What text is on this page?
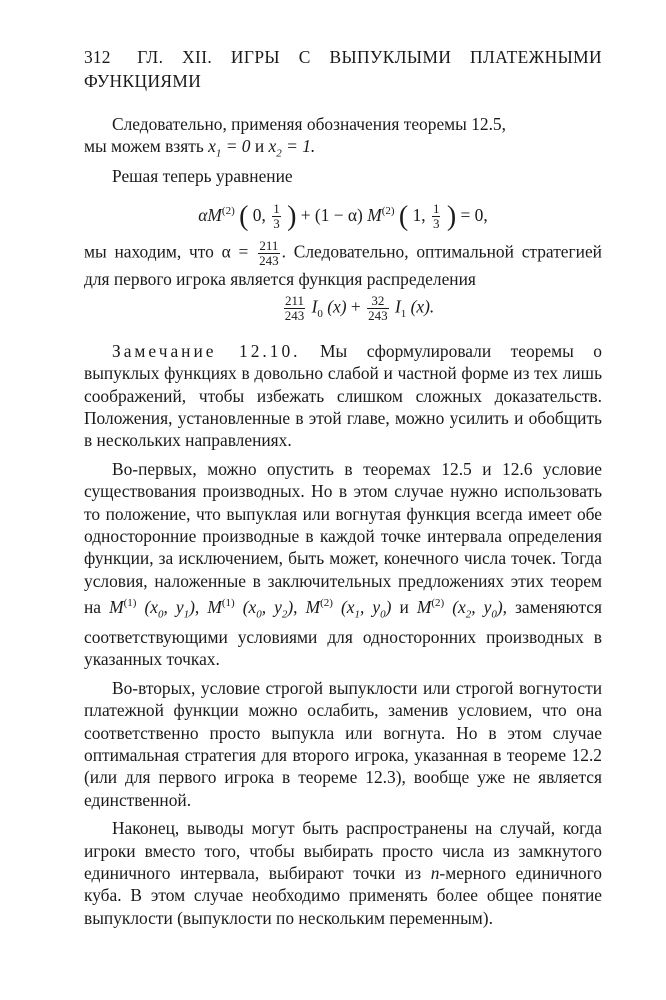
312 ГЛ. XII. ИГРЫ С ВЫПУКЛЫМИ ПЛАТЕЖНЫМИ ФУНКЦИЯМИ

Следовательно, применяя обозначения теоремы 12.5,
мы можем взять $x_1 = 0$ и $x_2 = 1$.

Решая теперь уравнение

$\alpha M^{(2)}$ ( 0, $\frac{1}{3}$ ) + (1 − α) $M^{(2)}$ ( 1, $\frac{1}{3}$ ) = 0,

мы находим, что $\alpha = \frac{211}{243}$ . Следовательно, оптимальной стратегией для первого игрока является функция распределения

$\frac{211}{243} I_0$ $(x) + \frac{32}{243} I_1$ (x).

Замечание 12.10. Мы сформулировали теоремы о выпуклых функциях в довольно слабой и частной форме из тех лишь соображений, чтобы избежать слишком сложных доказательств. Положения, установленные в этой главе, можно усилить и обобщить в нескольких направлениях.

Во-первых, можно опустить в теоремах 12.5 и 12.6 условие существования производных. Но в этом случае нужно использовать то положение, что выпуклая или вогнутая функция всегда имеет обе односторонние производные в каждой точке интервала определения функции, за исключением, быть может, конечного числа точек. Тогда условия, наложенные в заключительных предложениях этих теорем на $M^{(1)}$ ($x_0$, $y_1$), $M^{(1)}$ ($x_0$, $y_2$), $M^{(2)}$ ($x_1$, $y_0$) и $M^{(2)}$ ($x_2$, $y_0$), заменяются соответствующими условиями для односторонних производных в указанных точках.

Во-вторых, условие строгой выпуклости или строгой вогнутости платежной функции можно ослабить, заменив условием, что она соответственно просто выпукла или вогнута. Но в этом случае оптимальная стратегия для второго игрока, указанная в теореме 12.2 (или для первого игрока в теореме 12.3), вообще уже не является единственной.

Наконец, выводы могут быть распространены на случай, когда игроки вместо того, чтобы выбирать просто числа из замкнутого единичного интервала, выбирают точки из n-мерного единичного куба. В этом случае необходимо применять более общее понятие выпуклости (выпуклости по нескольким переменным).
